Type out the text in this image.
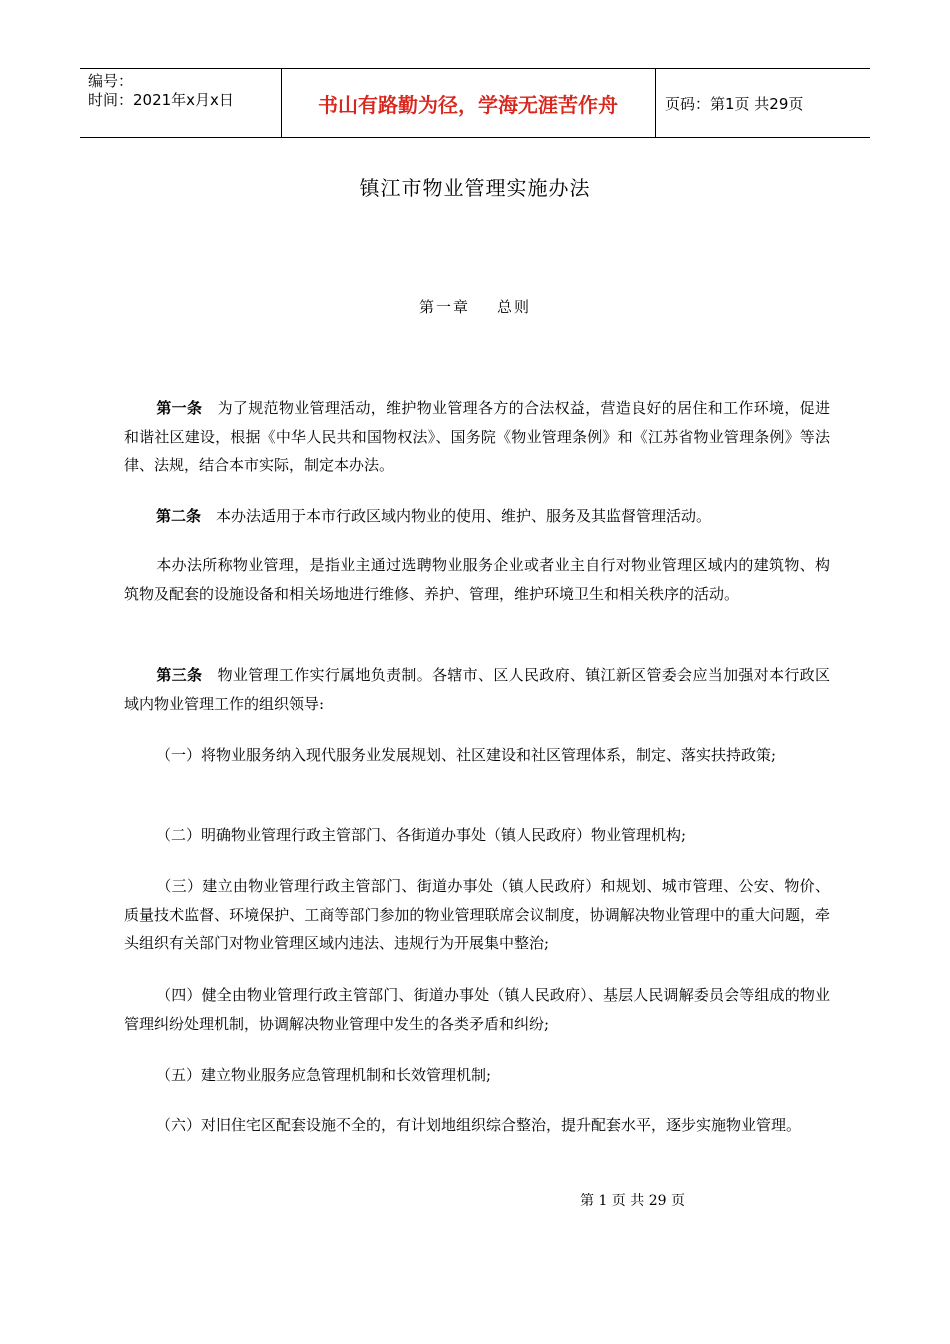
编号：
时间：2021年x月x日	书山有路勤为径，学海无涯苦作舟	页码：第1页 共29页
镇江市物业管理实施办法
第一章    总则
第一条　 为了规范物业管理活动，维护物业管理各方的合法权益，营造良好的居住和工作环境，促进和谐社区建设，根据《中华人民共和国物权法》、国务院《物业管理条例》和《江苏省物业管理条例》等法律、法规，结合本市实际，制定本办法。
第二条　 本办法适用于本市行政区域内物业的使用、维护、服务及其监督管理活动。
本办法所称物业管理，是指业主通过选聘物业服务企业或者业主自行对物业管理区域内的建筑物、构筑物及配套的设施设备和相关场地进行维修、养护、管理，维护环境卫生和相关秩序的活动。
第三条　 物业管理工作实行属地负责制。各辖市、区人民政府、镇江新区管委会应当加强对本行政区域内物业管理工作的组织领导:
（一）将物业服务纳入现代服务业发展规划、社区建设和社区管理体系，制定、落实扶持政策;
（二）明确物业管理行政主管部门、各街道办事处（镇人民政府）物业管理机构;
（三）建立由物业管理行政主管部门、街道办事处（镇人民政府）和规划、城市管理、公安、物价、质量技术监督、环境保护、工商等部门参加的物业管理联席会议制度，协调解决物业管理中的重大问题，牵头组织有关部门对物业管理区域内违法、违规行为开展集中整治;
（四）健全由物业管理行政主管部门、街道办事处（镇人民政府）、基层人民调解委员会等组成的物业管理纠纷处理机制，协调解决物业管理中发生的各类矛盾和纠纷;
（五）建立物业服务应急管理机制和长效管理机制;
（六）对旧住宅区配套设施不全的，有计划地组织综合整治，提升配套水平，逐步实施物业管理。
第 1 页 共 29 页
